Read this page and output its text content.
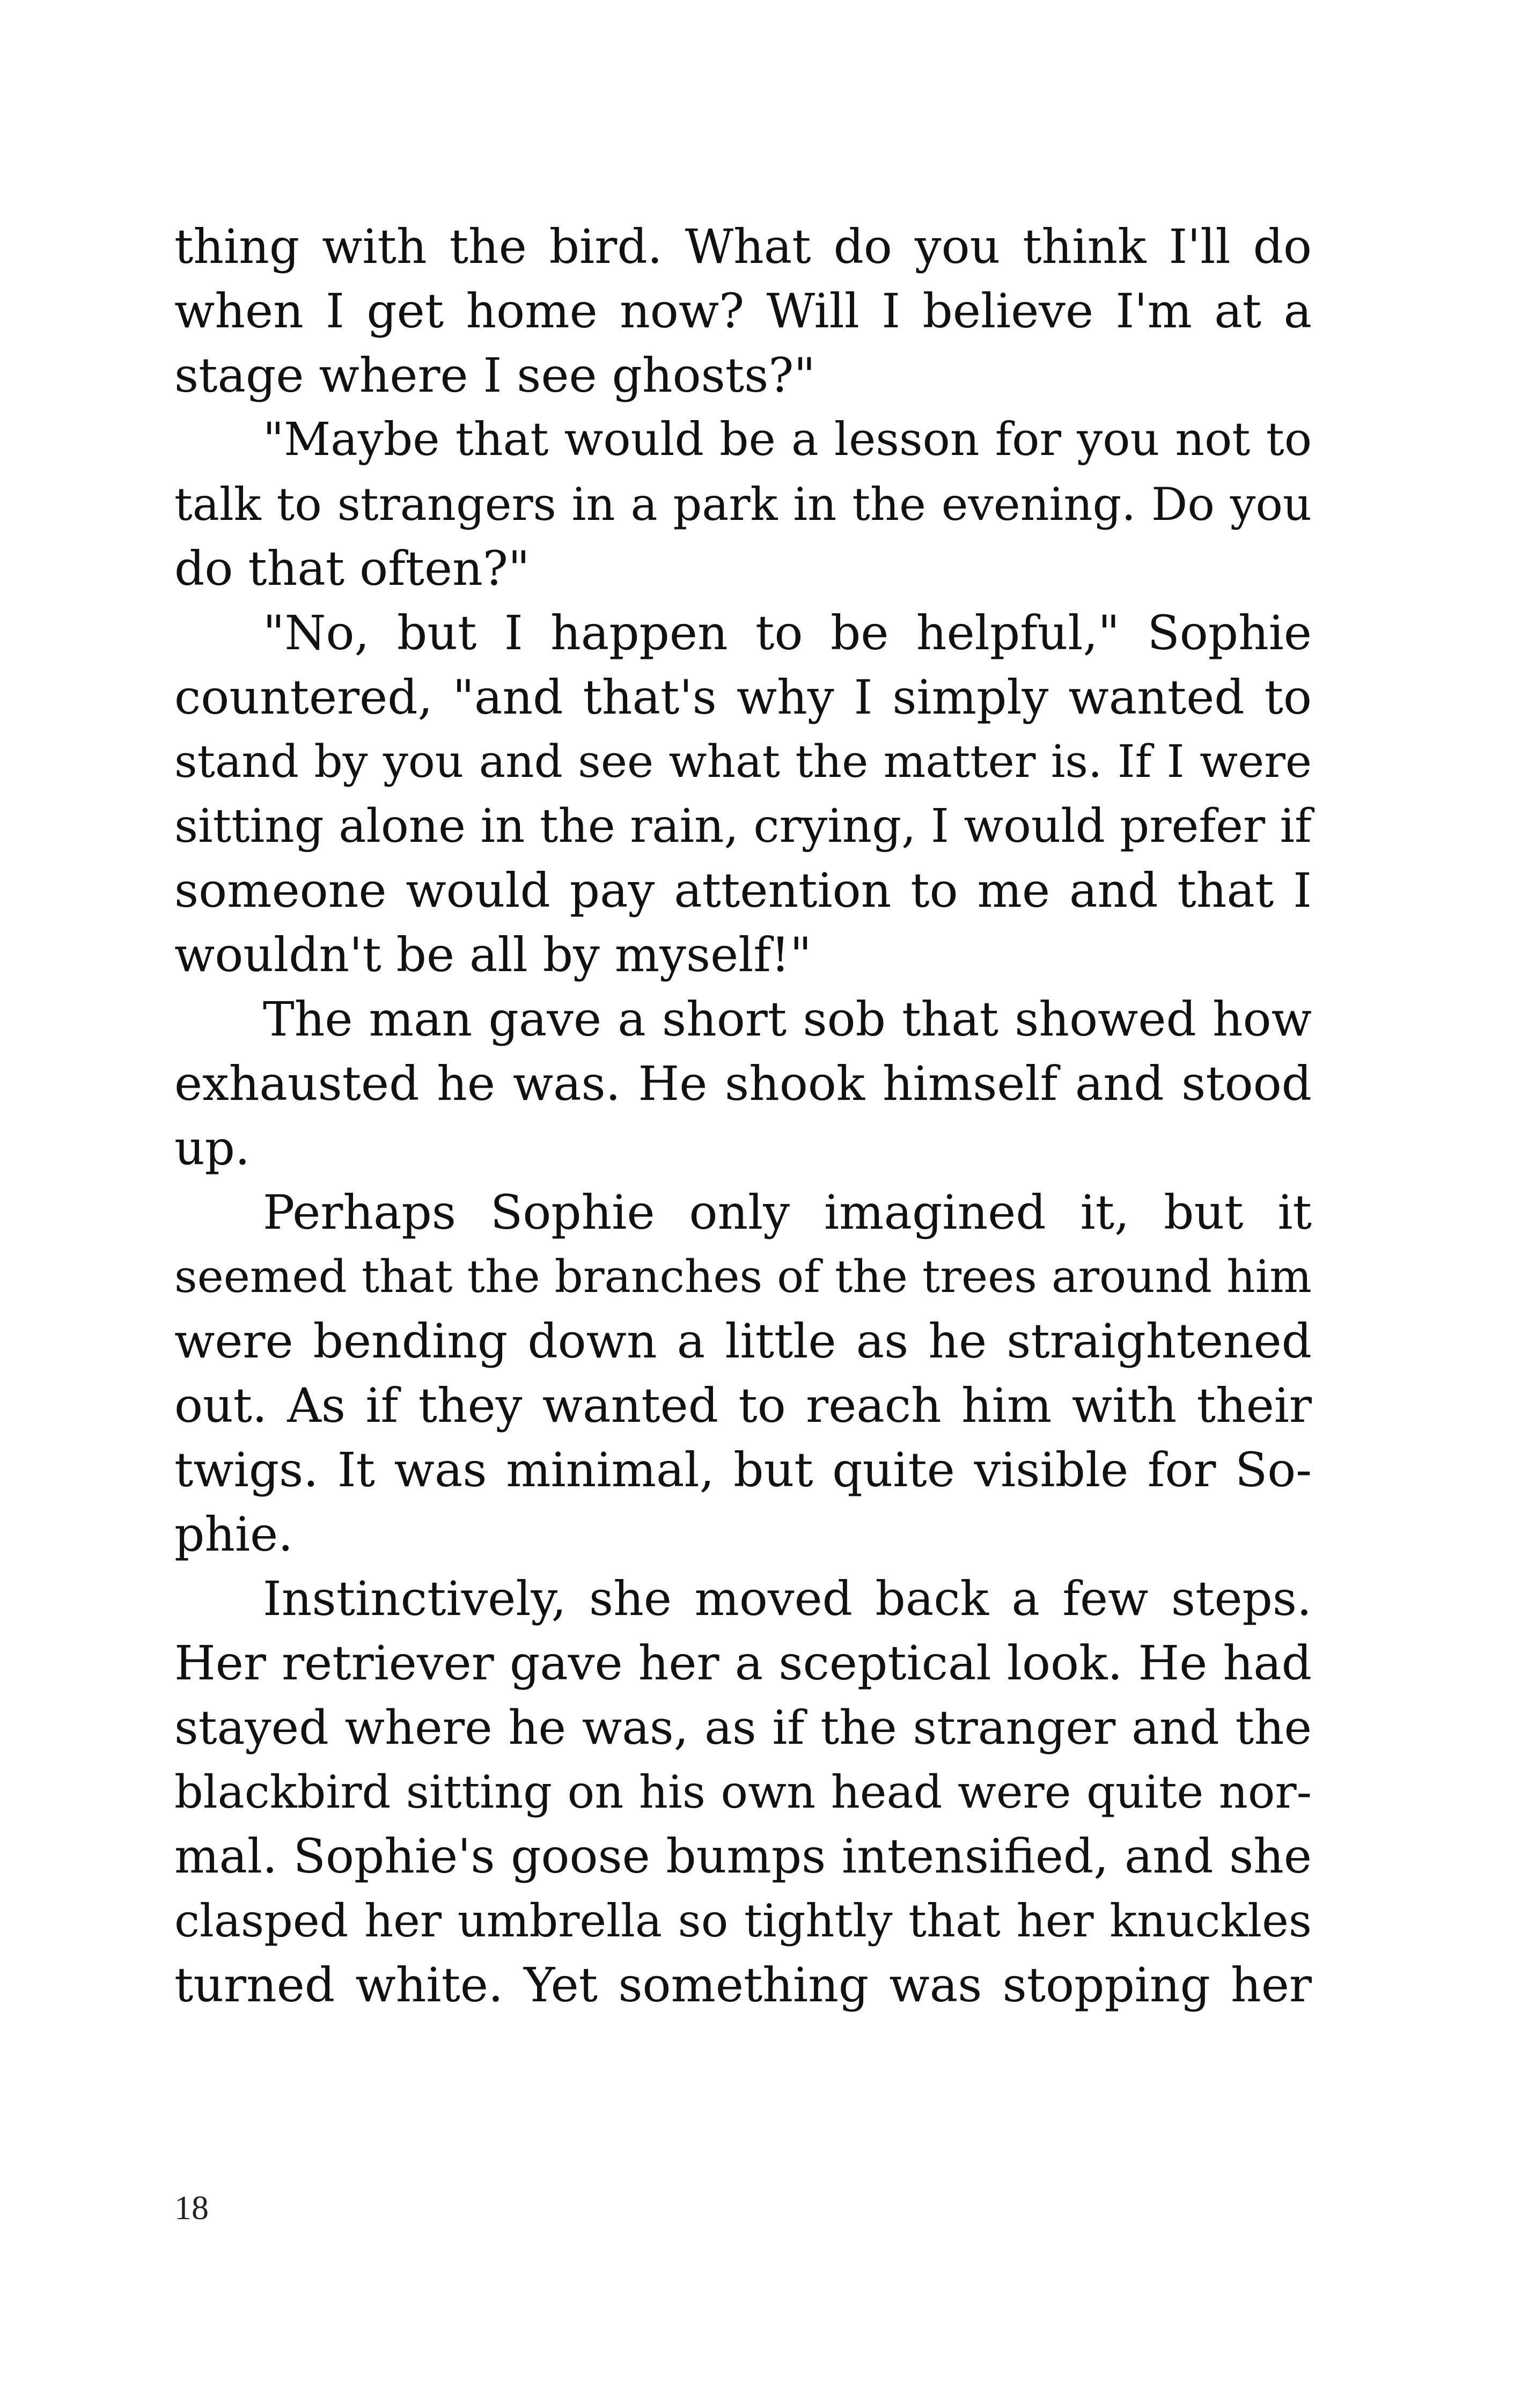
thing with the bird. What do you think I'll do
when I get home now? Will I believe I'm at a
stage where I see ghosts?"
"Maybe that would be a lesson for you not to
talk to strangers in a park in the evening. Do you
do that often?"
"No, but I happen to be helpful," Sophie
countered, "and that's why I simply wanted to
stand by you and see what the matter is. If I were
sitting alone in the rain, crying, I would prefer if
someone would pay attention to me and that I
wouldn't be all by myself!"
The man gave a short sob that showed how
exhausted he was. He shook himself and stood
up.
Perhaps Sophie only imagined it, but it
seemed that the branches of the trees around him
were bending down a little as he straightened
out. As if they wanted to reach him with their
twigs. It was minimal, but quite visible for So-
phie.
Instinctively, she moved back a few steps.
Her retriever gave her a sceptical look. He had
stayed where he was, as if the stranger and the
blackbird sitting on his own head were quite nor-
mal. Sophie's goose bumps intensified, and she
clasped her umbrella so tightly that her knuckles
turned white. Yet something was stopping her
18
